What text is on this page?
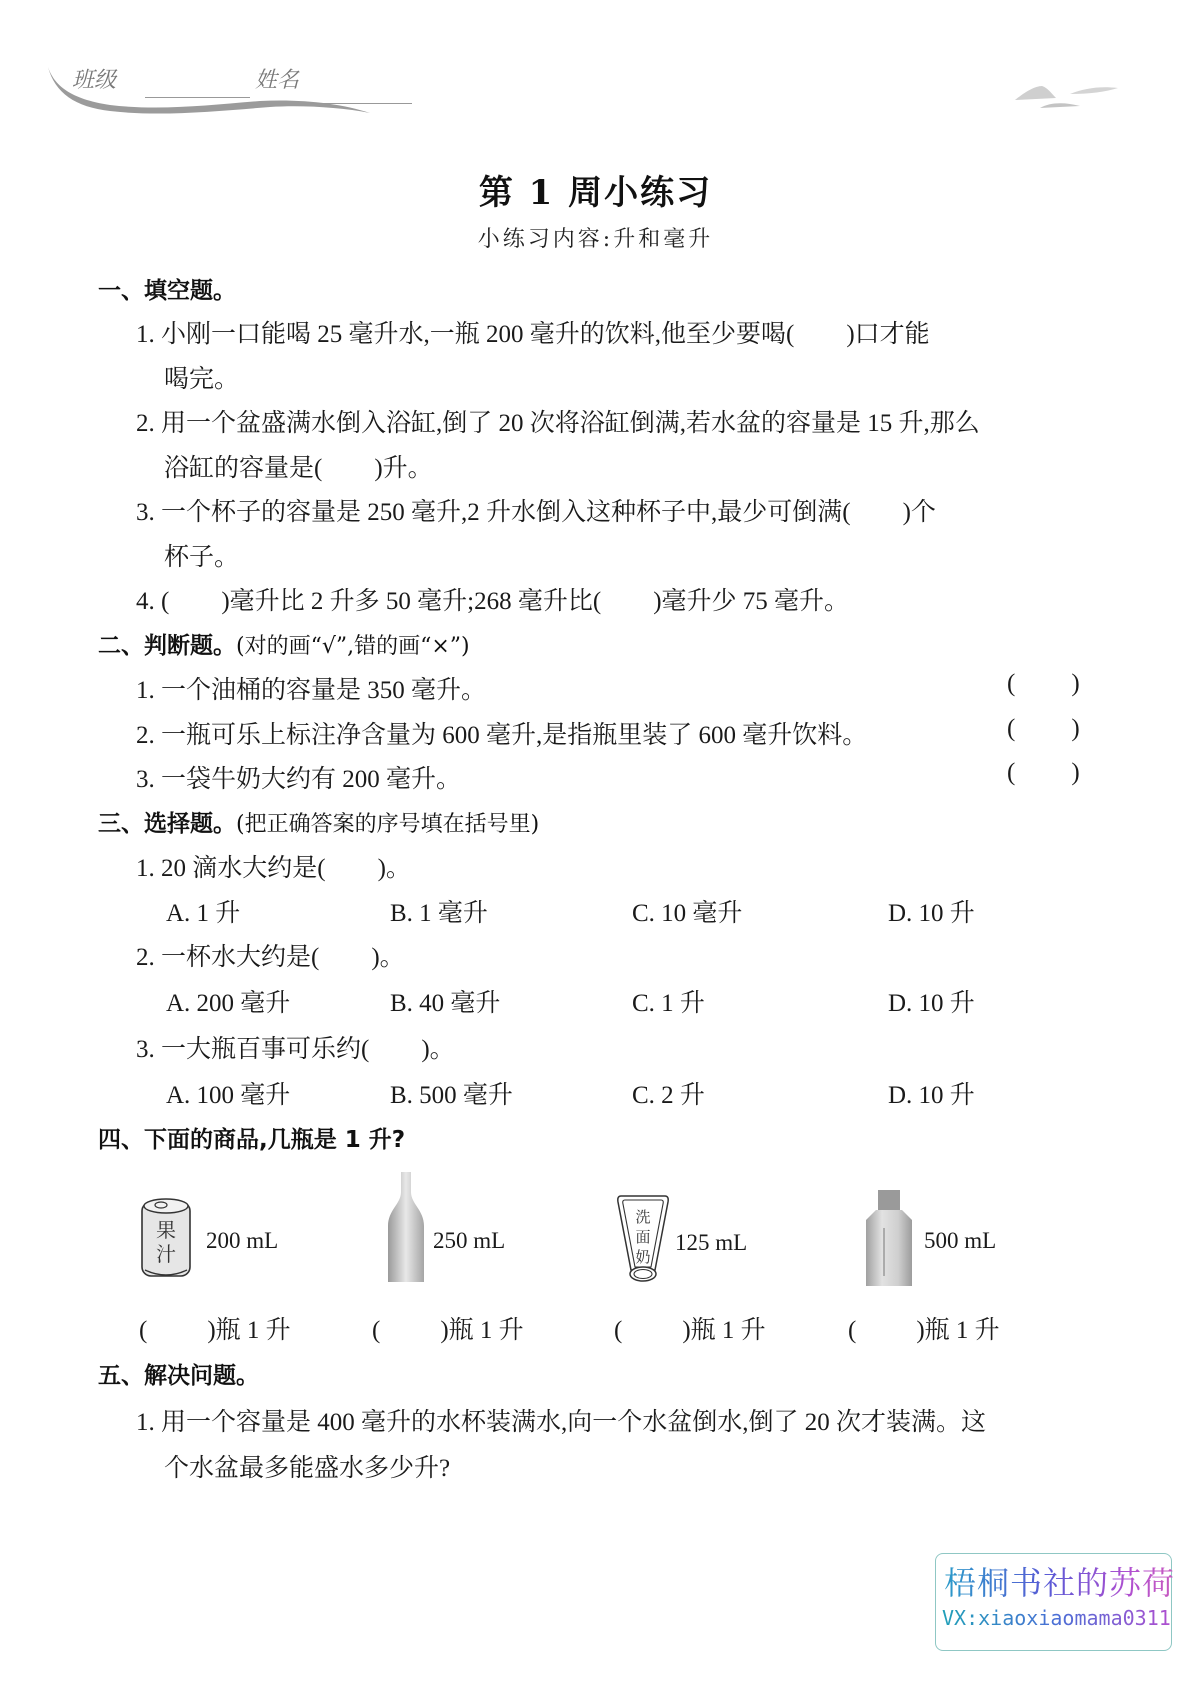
班级	姓名
第 1 周小练习
小练习内容:升和毫升
一、填空题。
1. 小刚一口能喝 25 毫升水,一瓶 200 毫升的饮料,他至少要喝( )口才能
喝完。
2. 用一个盆盛满水倒入浴缸,倒了 20 次将浴缸倒满,若水盆的容量是 15 升,那么
浴缸的容量是( )升。
3. 一个杯子的容量是 250 毫升,2 升水倒入这种杯子中,最少可倒满( )个
杯子。
4. ( )毫升比 2 升多 50 毫升;268 毫升比( )毫升少 75 毫升。
二、判断题。(对的画“√”,错的画“×”)
1. 一个油桶的容量是 350 毫升。	( )
2. 一瓶可乐上标注净含量为 600 毫升,是指瓶里装了 600 毫升饮料。	( )
3. 一袋牛奶大约有 200 毫升。	( )
三、选择题。(把正确答案的序号填在括号里)
1. 20 滴水大约是( )。
A. 1 升	B. 1 毫升	C. 10 毫升	D. 10 升
2. 一杯水大约是( )。
A. 200 毫升	B. 40 毫升	C. 1 升	D. 10 升
3. 一大瓶百事可乐约( )。
A. 100 毫升	B. 500 毫升	C. 2 升	D. 10 升
四、下面的商品,几瓶是 1 升?
果
汁
200 mL	250 mL
洗
面
奶
125 mL	500 mL
( )瓶 1 升	( )瓶 1 升	( )瓶 1 升	( )瓶 1 升
五、解决问题。
1. 用一个容量是 400 毫升的水杯装满水,向一个水盆倒水,倒了 20 次才装满。这
个水盆最多能盛水多少升?
梧桐书社的苏荷
VX:xiaoxiaomama0311
